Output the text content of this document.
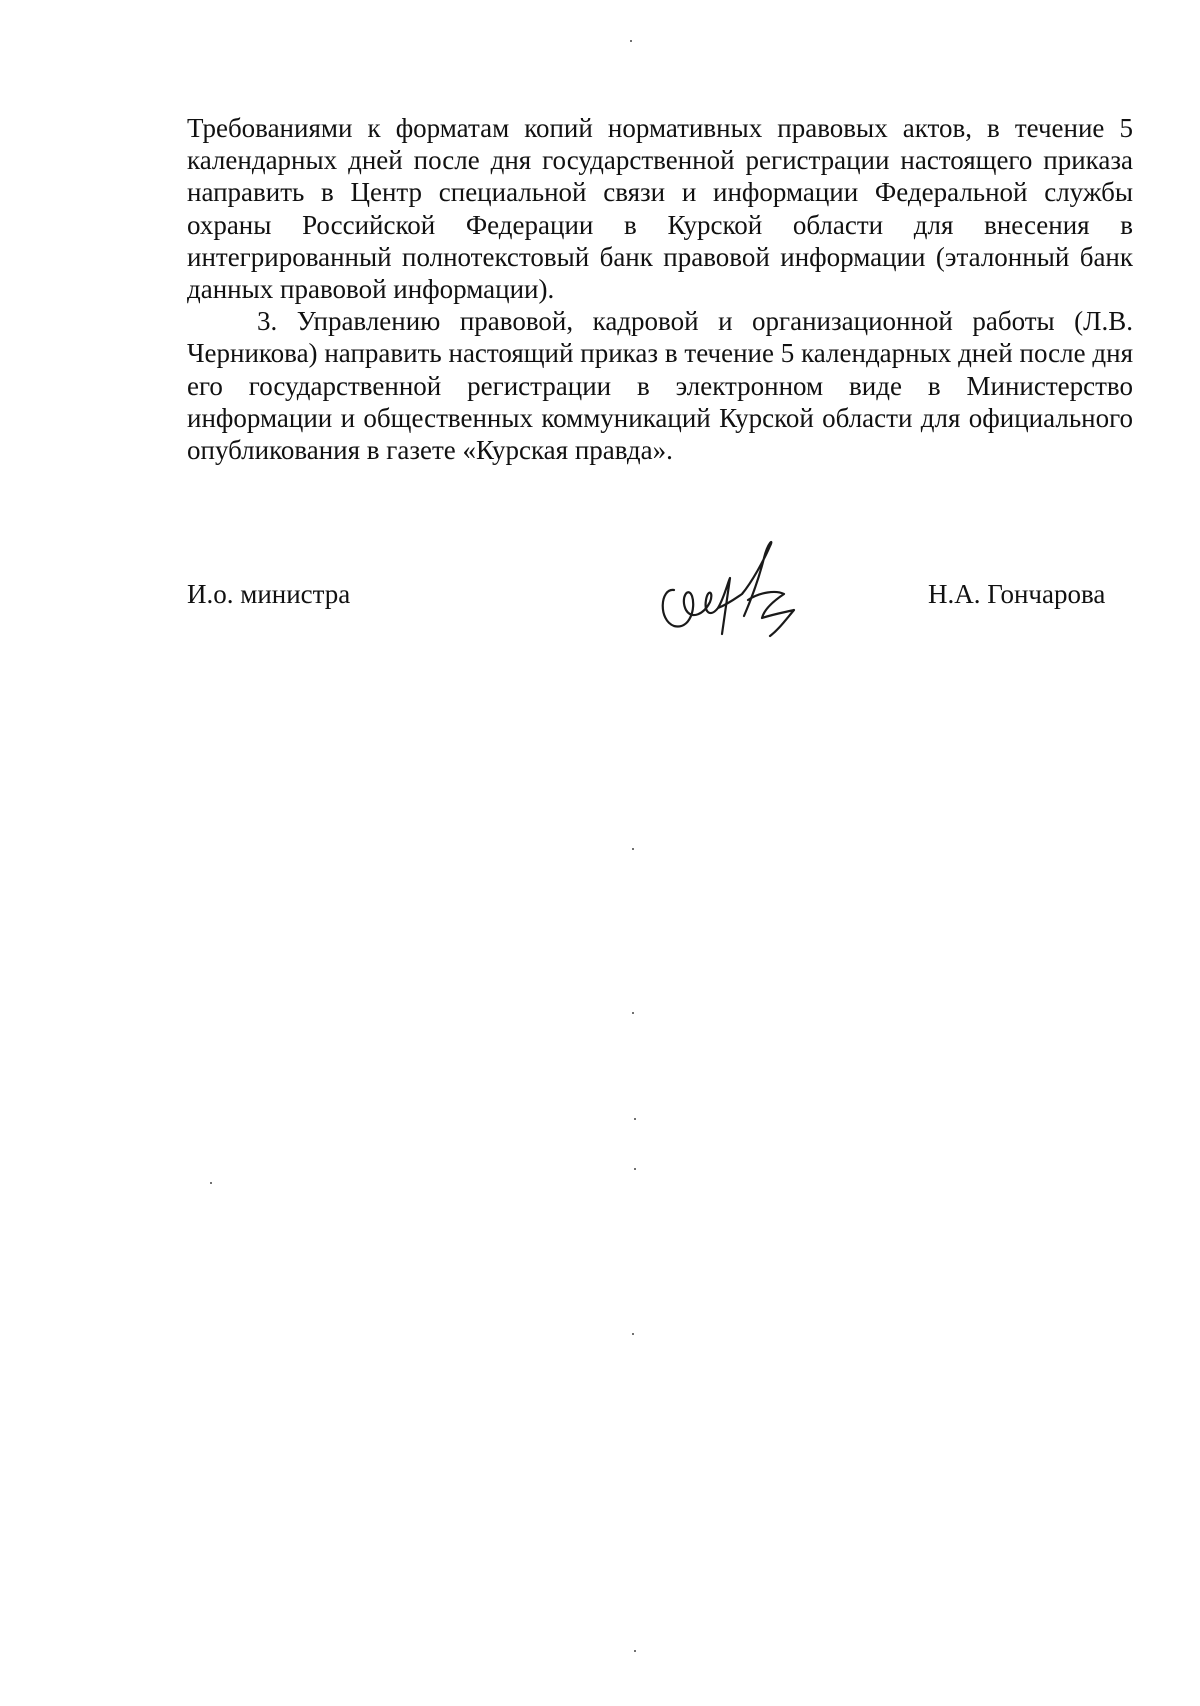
Требованиями к форматам копий нормативных правовых актов, в течение 5 календарных дней после дня государственной регистрации настоящего приказа направить в Центр специальной связи и информации Федеральной службы охраны Российской Федерации в Курской области для внесения в интегрированный полнотекстовый банк правовой информации (эталонный банк данных правовой информации).

3. Управлению правовой, кадровой и организационной работы (Л.В. Черникова) направить настоящий приказ в течение 5 календарных дней после дня его государственной регистрации в электронном виде в Министерство информации и общественных коммуникаций Курской области для официального опубликования в газете «Курская правда».

И.о. министра	Н.А. Гончарова
